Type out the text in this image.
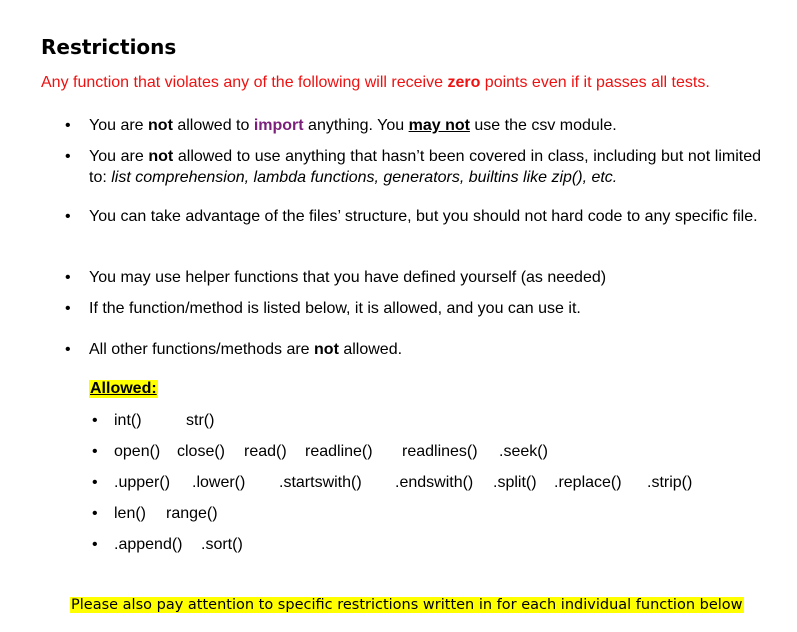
Restrictions

Any function that violates any of the following will receive zero points even if it passes all tests.

• You are not allowed to import anything. You may not use the csv module.
• You are not allowed to use anything that hasn’t been covered in class, including but not limited to: list comprehension, lambda functions, generators, builtins like zip(), etc.
• You can take advantage of the files’ structure, but you should not hard code to any specific file.
• You may use helper functions that you have defined yourself (as needed)
• If the function/method is listed below, it is allowed, and you can use it.
• All other functions/methods are not allowed.
Allowed:
• int()	str()
• open() close() read() readline() readlines() .seek()
• .upper() .lower() .startswith() .endswith() .split() .replace() .strip()
• len() range()
• .append() .sort()
Please also pay attention to specific restrictions written in for each individual function below
